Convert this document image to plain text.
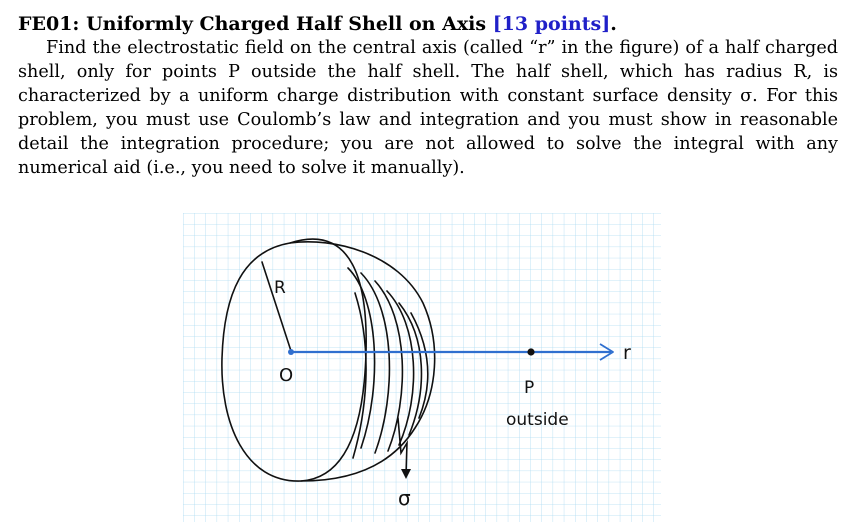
FE01: Uniformly Charged Half Shell on Axis [13 points].

Find the electrostatic field on the central axis (called “r” in the figure) of a half charged shell, only for points P outside the half shell. The half shell, which has radius R, is characterized by a uniform charge distribution with constant surface density σ. For this problem, you must use Coulomb’s law and integration and you must show in reasonable detail the integration procedure; you are not allowed to solve the integral with any numerical aid (i.e., you need to solve it manually).

R
O
r
P
outside
σ
